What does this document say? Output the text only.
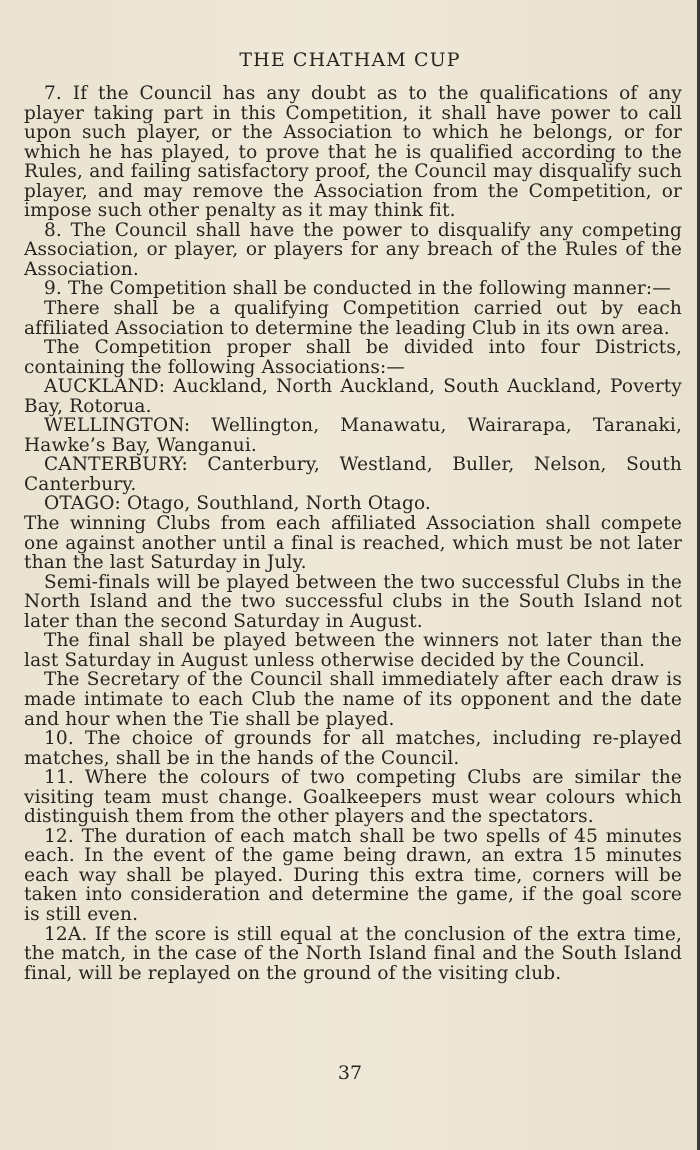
THE CHATHAM CUP

7. If the Council has any doubt as to the qualifications of any player taking part in this Competition, it shall have power to call upon such player, or the Association to which he belongs, or for which he has played, to prove that he is qualified according to the Rules, and failing satisfactory proof, the Council may disqualify such player, and may remove the Association from the Competition, or impose such other penalty as it may think fit.

8. The Council shall have the power to disqualify any competing Association, or player, or players for any breach of the Rules of the Association.

9. The Competition shall be conducted in the following manner:—

There shall be a qualifying Competition carried out by each affiliated Association to determine the leading Club in its own area.

The Competition proper shall be divided into four Districts, containing the following Associations:—

AUCKLAND: Auckland, North Auckland, South Auckland, Poverty Bay, Rotorua.

WELLINGTON: Wellington, Manawatu, Wairarapa, Taranaki, Hawke’s Bay, Wanganui.

CANTERBURY: Canterbury, Westland, Buller, Nelson, South Canterbury.

OTAGO: Otago, Southland, North Otago.

The winning Clubs from each affiliated Association shall compete one against another until a final is reached, which must be not later than the last Saturday in July.

Semi-finals will be played between the two successful Clubs in the North Island and the two successful clubs in the South Island not later than the second Saturday in August.

The final shall be played between the winners not later than the last Saturday in August unless otherwise decided by the Council.

The Secretary of the Council shall immediately after each draw is made intimate to each Club the name of its opponent and the date and hour when the Tie shall be played.

10. The choice of grounds for all matches, including re-played matches, shall be in the hands of the Council.

11. Where the colours of two competing Clubs are similar the visiting team must change. Goalkeepers must wear colours which distinguish them from the other players and the spectators.

12. The duration of each match shall be two spells of 45 minutes each. In the event of the game being drawn, an extra 15 minutes each way shall be played. During this extra time, corners will be taken into consideration and determine the game, if the goal score is still even.

12A. If the score is still equal at the conclusion of the extra time, the match, in the case of the North Island final and the South Island final, will be replayed on the ground of the visiting club.

37
